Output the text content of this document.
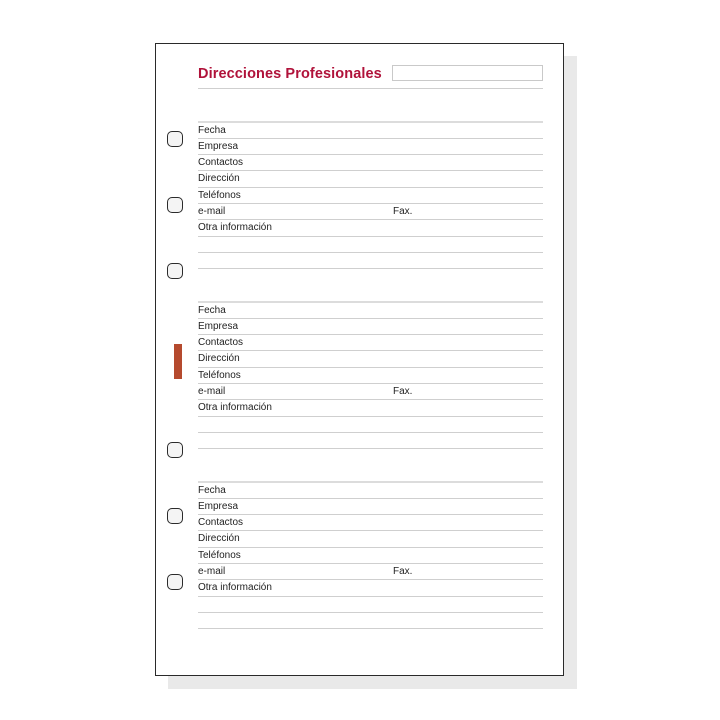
Direcciones Profesionales
finocam
Fecha
Empresa
Contactos
Dirección
Teléfonos
e-mail	Fax.
Otra información
Fecha
Empresa
Contactos
Dirección
Teléfonos
e-mail	Fax.
Otra información
Fecha
Empresa
Contactos
Dirección
Teléfonos
e-mail	Fax.
Otra información
